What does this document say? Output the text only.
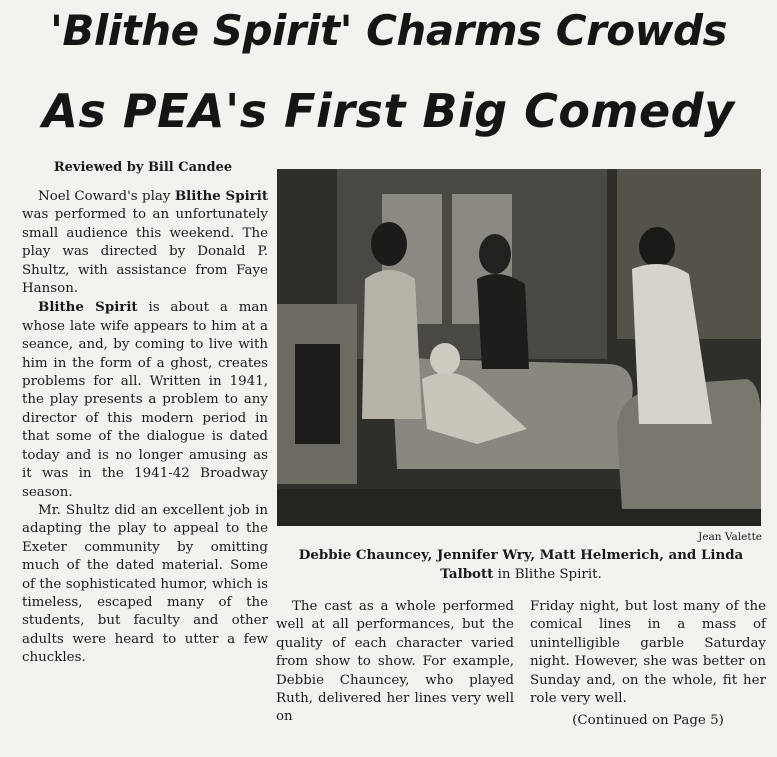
'Blithe Spirit' Charms Crowds
As PEA's First Big Comedy
Reviewed by Bill Candee

Noel Coward's play Blithe Spirit was performed to an unfortunately small audience this weekend. The play was directed by Donald P. Shultz, with assistance from Faye Hanson.

Blithe Spirit is about a man whose late wife appears to him at a seance, and, by coming to live with him in the form of a ghost, creates problems for all. Written in 1941, the play presents a problem to any director of this modern period in that some of the dialogue is dated today and is no longer amusing as it was in the 1941-42 Broadway season.

Mr. Shultz did an excellent job in adapting the play to appeal to the Exeter community by omitting much of the dated material. Some of the sophisticated humor, which is timeless, escaped many of the students, but faculty and other adults were heard to utter a few chuckles.

Jean Valette
Debbie Chauncey, Jennifer Wry, Matt Helmerich, and Linda Talbott in Blithe Spirit.

The cast as a whole performed well at all performances, but the quality of each character varied from show to show. For example, Debbie Chauncey, who played Ruth, delivered her lines very well on

Friday night, but lost many of the comical lines in a mass of unintelligible garble Saturday night. However, she was better on Sunday and, on the whole, fit her role very well.

(Continued on Page 5)
